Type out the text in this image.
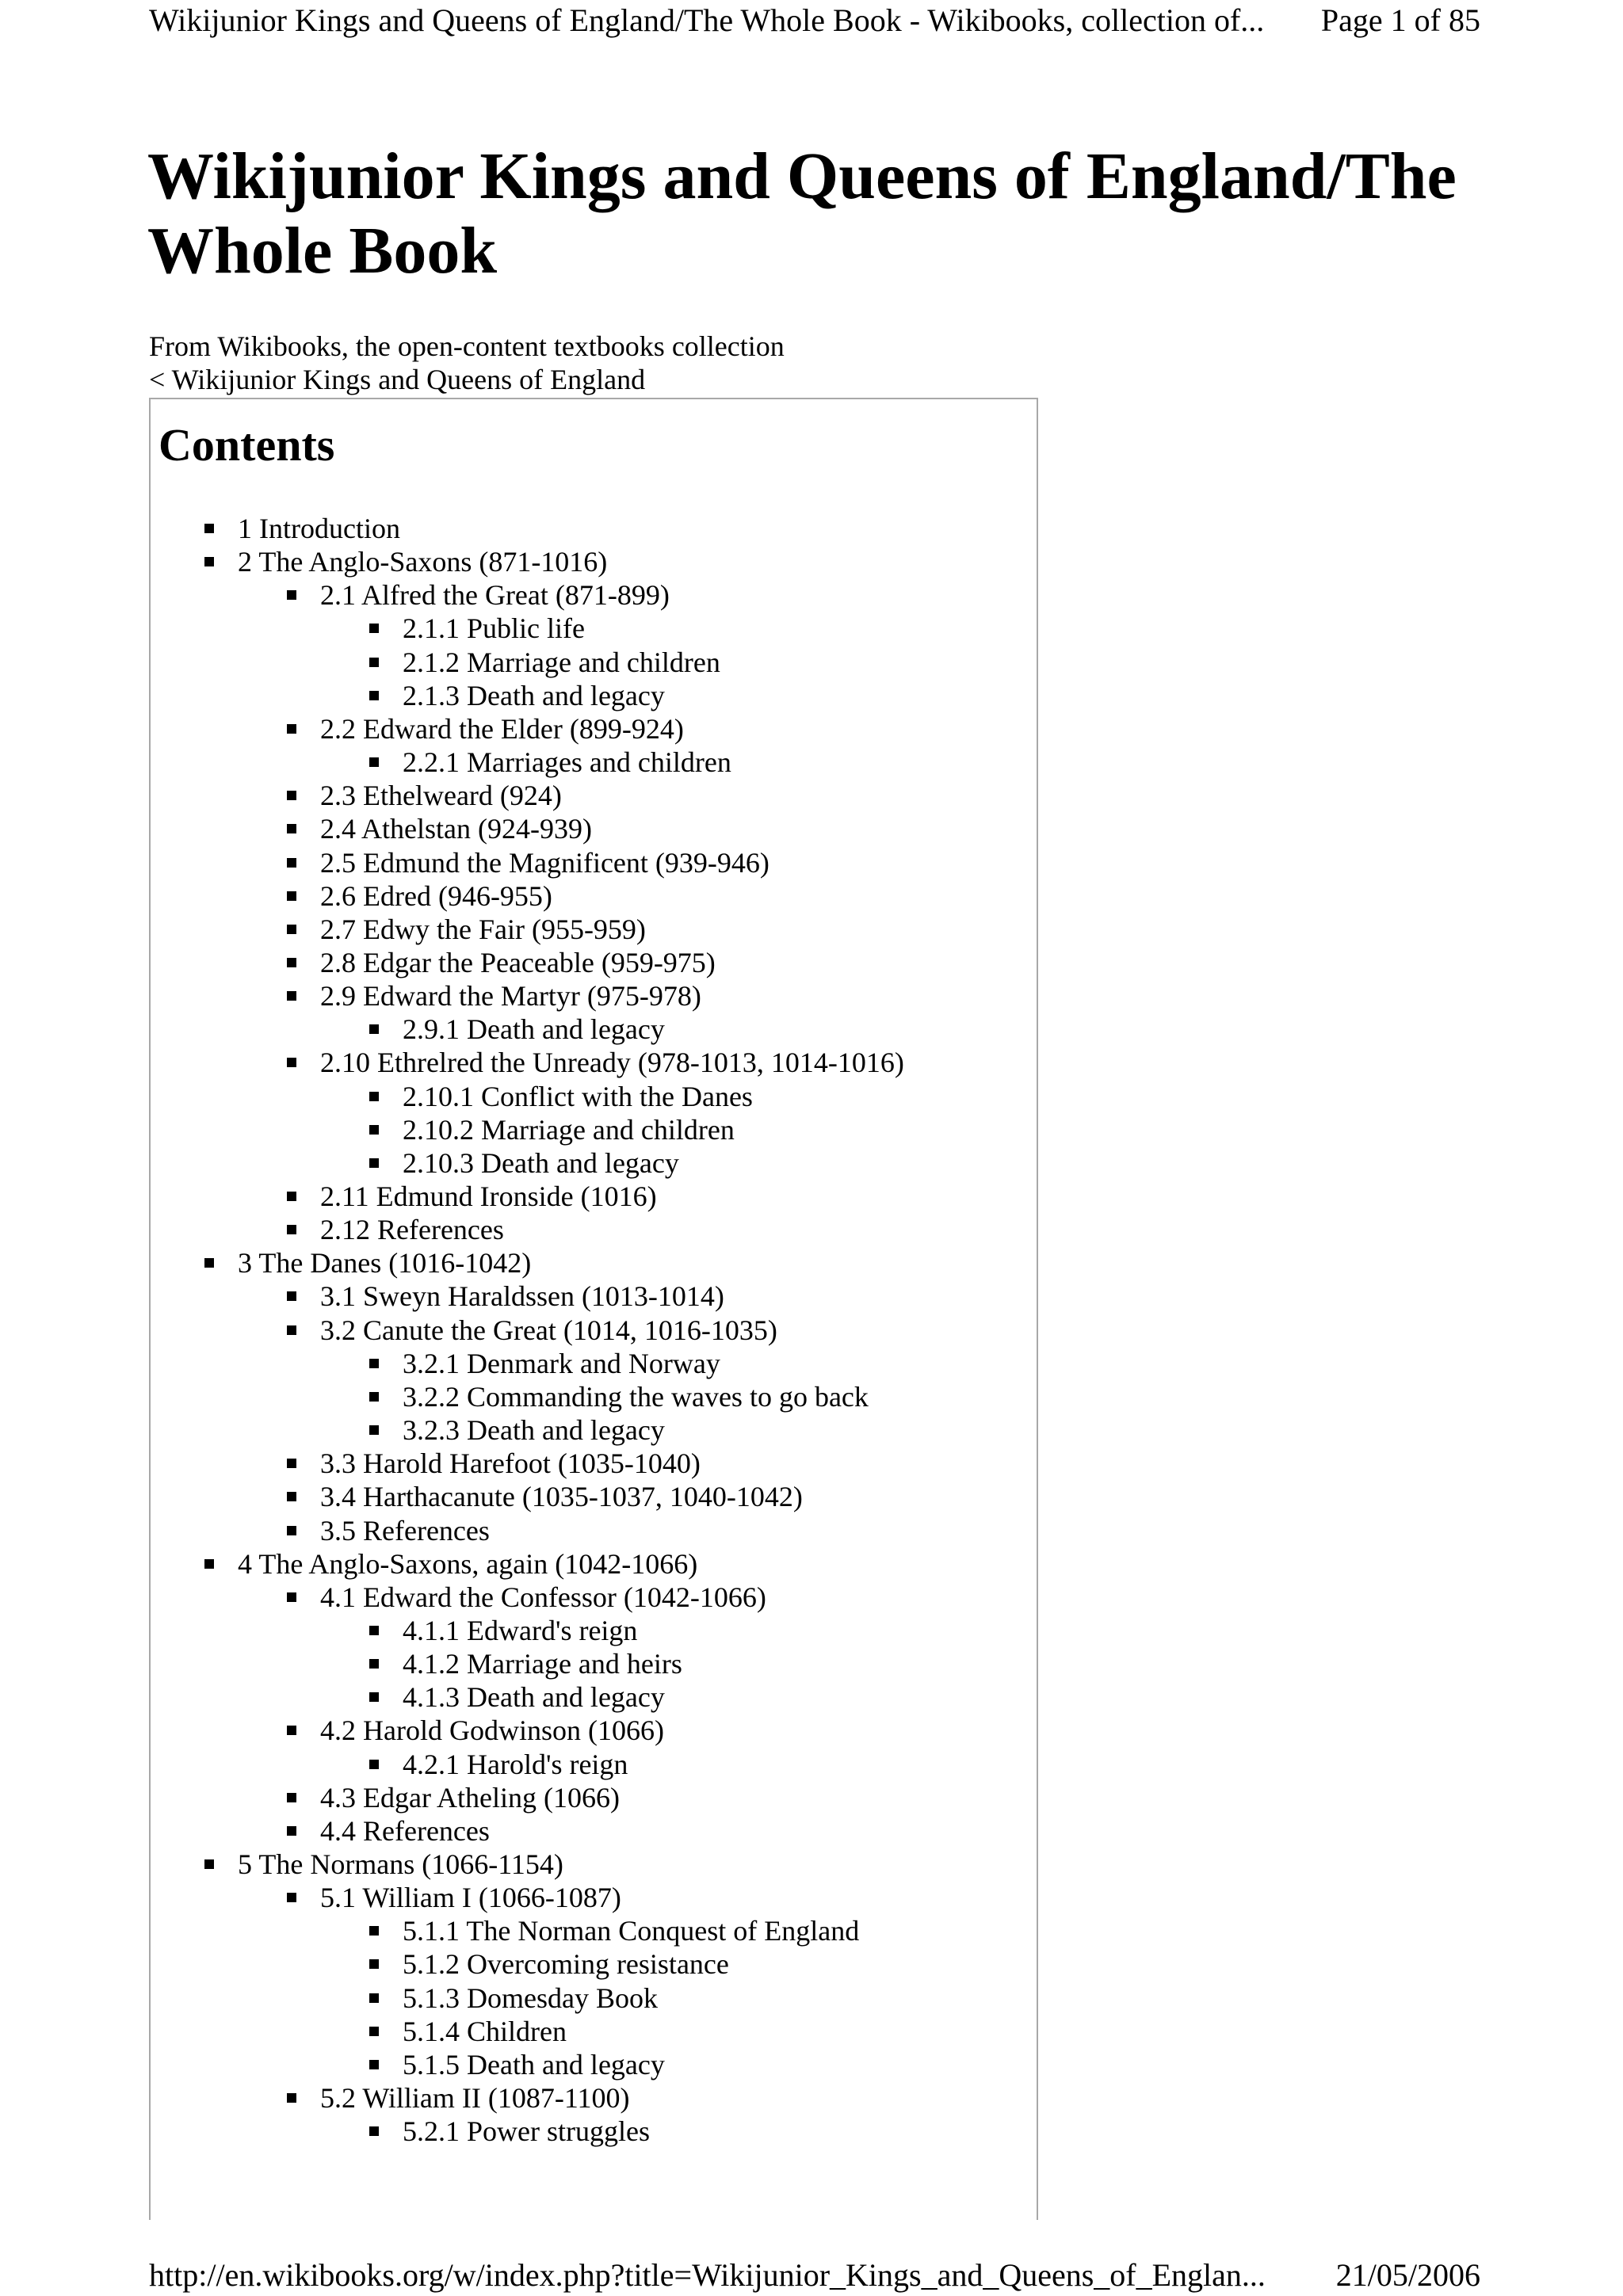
Wikijunior Kings and Queens of England/The Whole Book - Wikibooks, collection of... Page 1 of 85
Wikijunior Kings and Queens of England/The Whole Book
From Wikibooks, the open-content textbooks collection
< Wikijunior Kings and Queens of England
Contents
1 Introduction
2 The Anglo-Saxons (871-1016)
2.1 Alfred the Great (871-899)
2.1.1 Public life
2.1.2 Marriage and children
2.1.3 Death and legacy
2.2 Edward the Elder (899-924)
2.2.1 Marriages and children
2.3 Ethelweard (924)
2.4 Athelstan (924-939)
2.5 Edmund the Magnificent (939-946)
2.6 Edred (946-955)
2.7 Edwy the Fair (955-959)
2.8 Edgar the Peaceable (959-975)
2.9 Edward the Martyr (975-978)
2.9.1 Death and legacy
2.10 Ethrelred the Unready (978-1013, 1014-1016)
2.10.1 Conflict with the Danes
2.10.2 Marriage and children
2.10.3 Death and legacy
2.11 Edmund Ironside (1016)
2.12 References
3 The Danes (1016-1042)
3.1 Sweyn Haraldssen (1013-1014)
3.2 Canute the Great (1014, 1016-1035)
3.2.1 Denmark and Norway
3.2.2 Commanding the waves to go back
3.2.3 Death and legacy
3.3 Harold Harefoot (1035-1040)
3.4 Harthacanute (1035-1037, 1040-1042)
3.5 References
4 The Anglo-Saxons, again (1042-1066)
4.1 Edward the Confessor (1042-1066)
4.1.1 Edward's reign
4.1.2 Marriage and heirs
4.1.3 Death and legacy
4.2 Harold Godwinson (1066)
4.2.1 Harold's reign
4.3 Edgar Atheling (1066)
4.4 References
5 The Normans (1066-1154)
5.1 William I (1066-1087)
5.1.1 The Norman Conquest of England
5.1.2 Overcoming resistance
5.1.3 Domesday Book
5.1.4 Children
5.1.5 Death and legacy
5.2 William II (1087-1100)
5.2.1 Power struggles
http://en.wikibooks.org/w/index.php?title=Wikijunior_Kings_and_Queens_of_Englan... 21/05/2006
